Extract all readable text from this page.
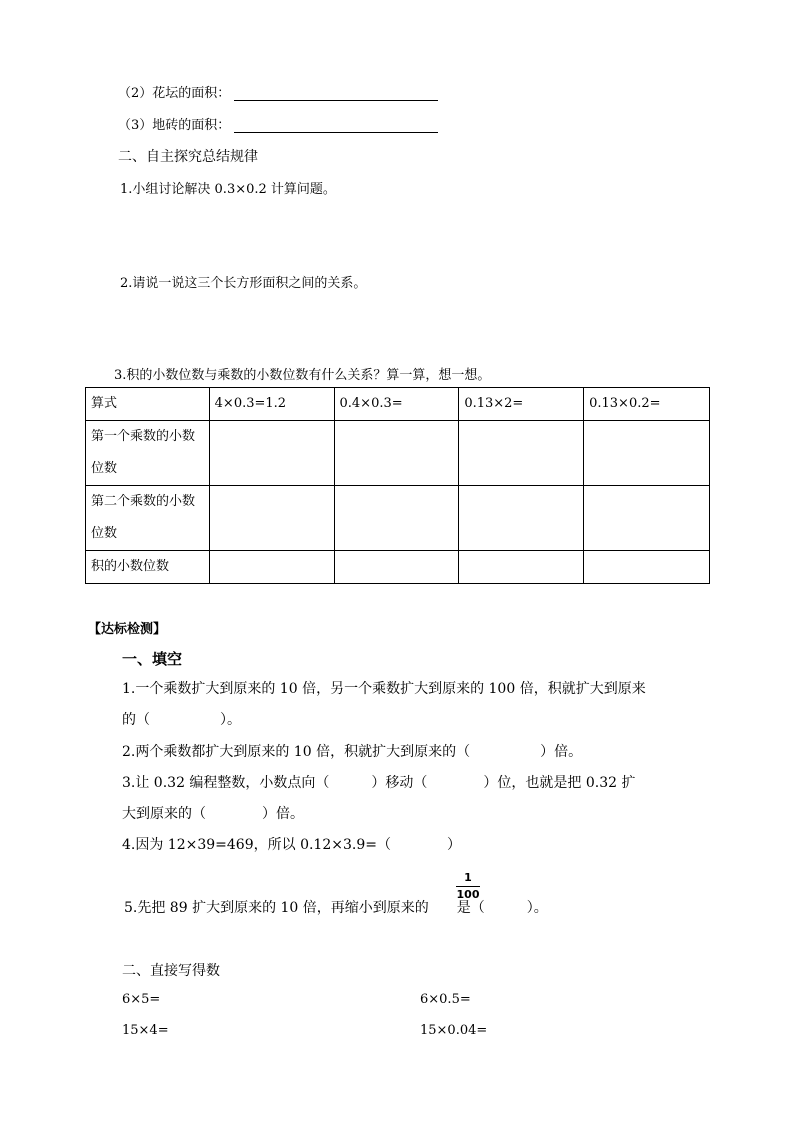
（2）花坛的面积：
（3）地砖的面积：
二、自主探究总结规律
1.小组讨论解决 0.3×0.2 计算问题。
2.请说一说这三个长方形面积之间的关系。
3.积的小数位数与乘数的小数位数有什么关系？算一算，想一想。
算式	4×0.3=1.2	0.4×0.3=	0.13×2=	0.13×0.2=
第一个乘数的小数位数				
第二个乘数的小数位数				
积的小数位数				
【达标检测】
一、填空
1.一个乘数扩大到原来的 10 倍，另一个乘数扩大到原来的 100 倍，积就扩大到原来
的（　　　　　）。
2.两个乘数都扩大到原来的 10 倍，积就扩大到原来的（　　　　　）倍。
3.让 0.32 编程整数，小数点向（　　　）移动（　　　　）位，也就是把 0.32 扩
大到原来的（　　　　）倍。
4.因为 12×39=469，所以 0.12×3.9=（　　　　）
5.先把 89 扩大到原来的 10 倍，再缩小到原来的 是（　　　）。
1
100
二、直接写得数
6×5=	6×0.5=
15×4=	15×0.04=
